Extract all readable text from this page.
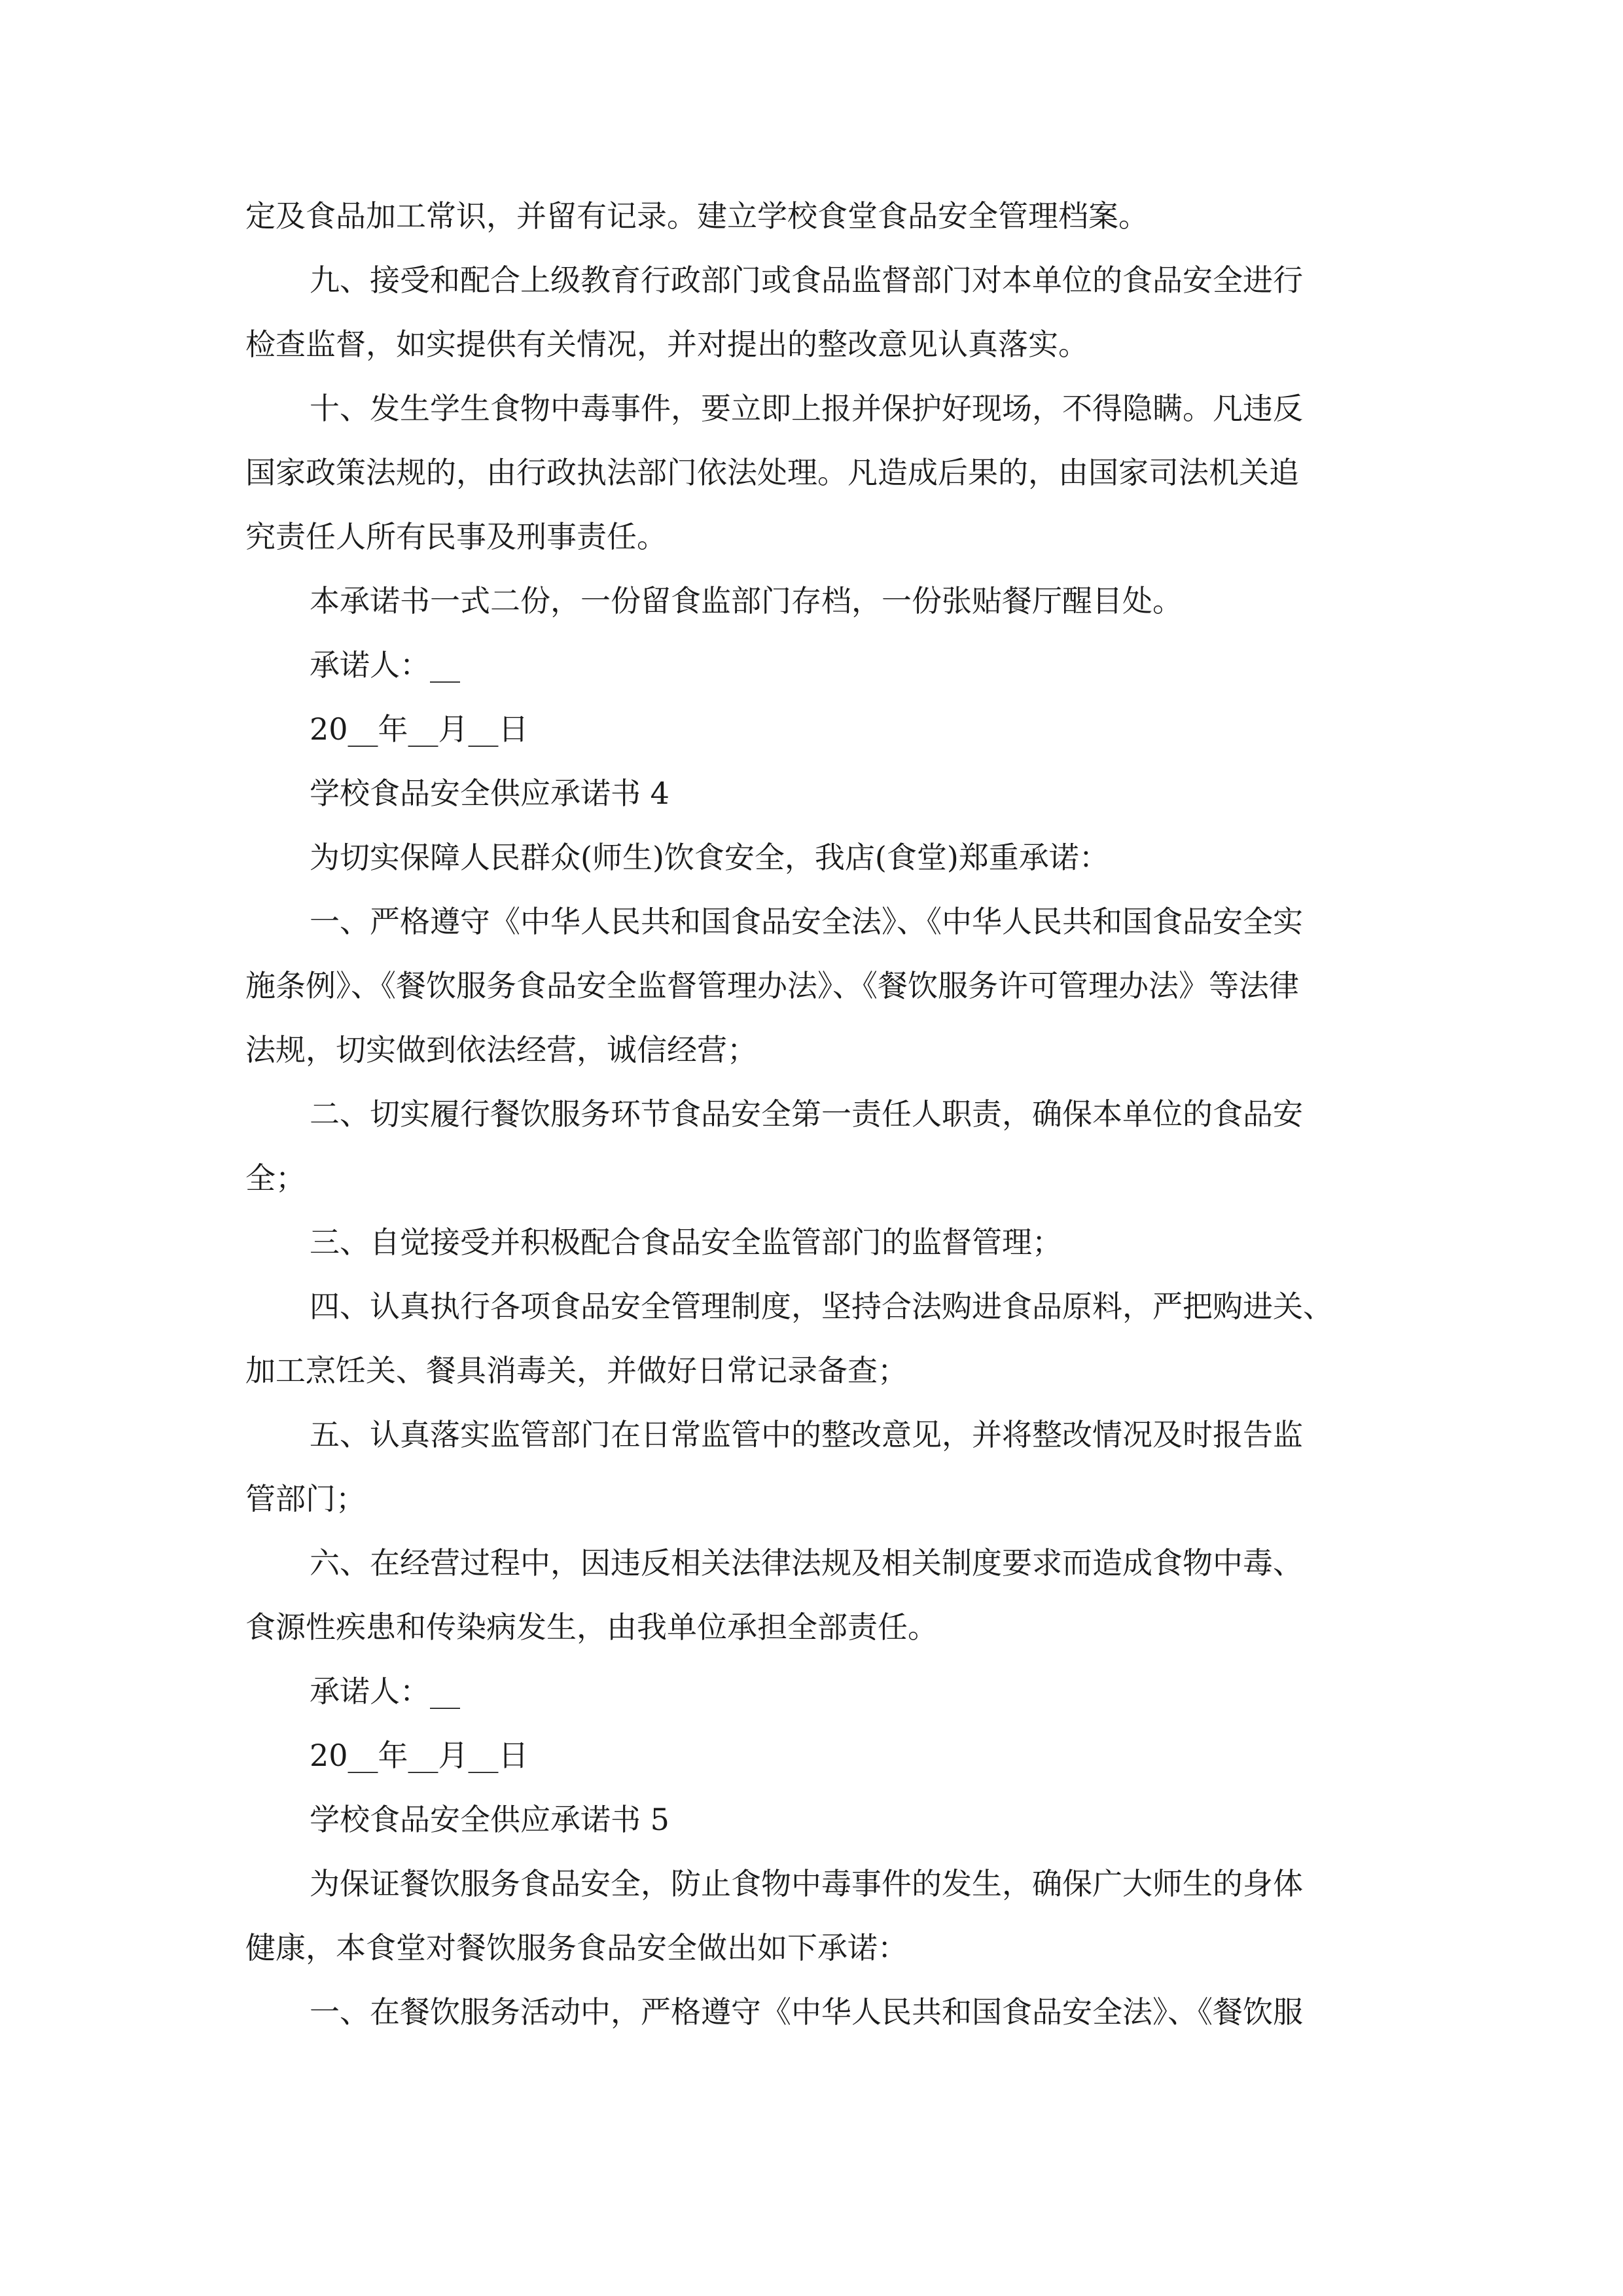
定及食品加工常识，并留有记录。建立学校食堂食品安全管理档案。
九、接受和配合上级教育行政部门或食品监督部门对本单位的食品安全进行
检查监督，如实提供有关情况，并对提出的整改意见认真落实。
十、发生学生食物中毒事件，要立即上报并保护好现场，不得隐瞒。凡违反
国家政策法规的，由行政执法部门依法处理。凡造成后果的，由国家司法机关追
究责任人所有民事及刑事责任。
本承诺书一式二份，一份留食监部门存档，一份张贴餐厅醒目处。
承诺人：__
20__年__月__日
学校食品安全供应承诺书 4
为切实保障人民群众(师生)饮食安全，我店(食堂)郑重承诺：
一、严格遵守《中华人民共和国食品安全法》、《中华人民共和国食品安全实
施条例》、《餐饮服务食品安全监督管理办法》、《餐饮服务许可管理办法》等法律
法规，切实做到依法经营，诚信经营；
二、切实履行餐饮服务环节食品安全第一责任人职责，确保本单位的食品安
全；
三、自觉接受并积极配合食品安全监管部门的监督管理；
四、认真执行各项食品安全管理制度，坚持合法购进食品原料，严把购进关、
加工烹饪关、餐具消毒关，并做好日常记录备查；
五、认真落实监管部门在日常监管中的整改意见，并将整改情况及时报告监
管部门；
六、在经营过程中，因违反相关法律法规及相关制度要求而造成食物中毒、
食源性疾患和传染病发生，由我单位承担全部责任。
承诺人：__
20__年__月__日
学校食品安全供应承诺书 5
为保证餐饮服务食品安全，防止食物中毒事件的发生，确保广大师生的身体
健康，本食堂对餐饮服务食品安全做出如下承诺：
一、在餐饮服务活动中，严格遵守《中华人民共和国食品安全法》、《餐饮服
